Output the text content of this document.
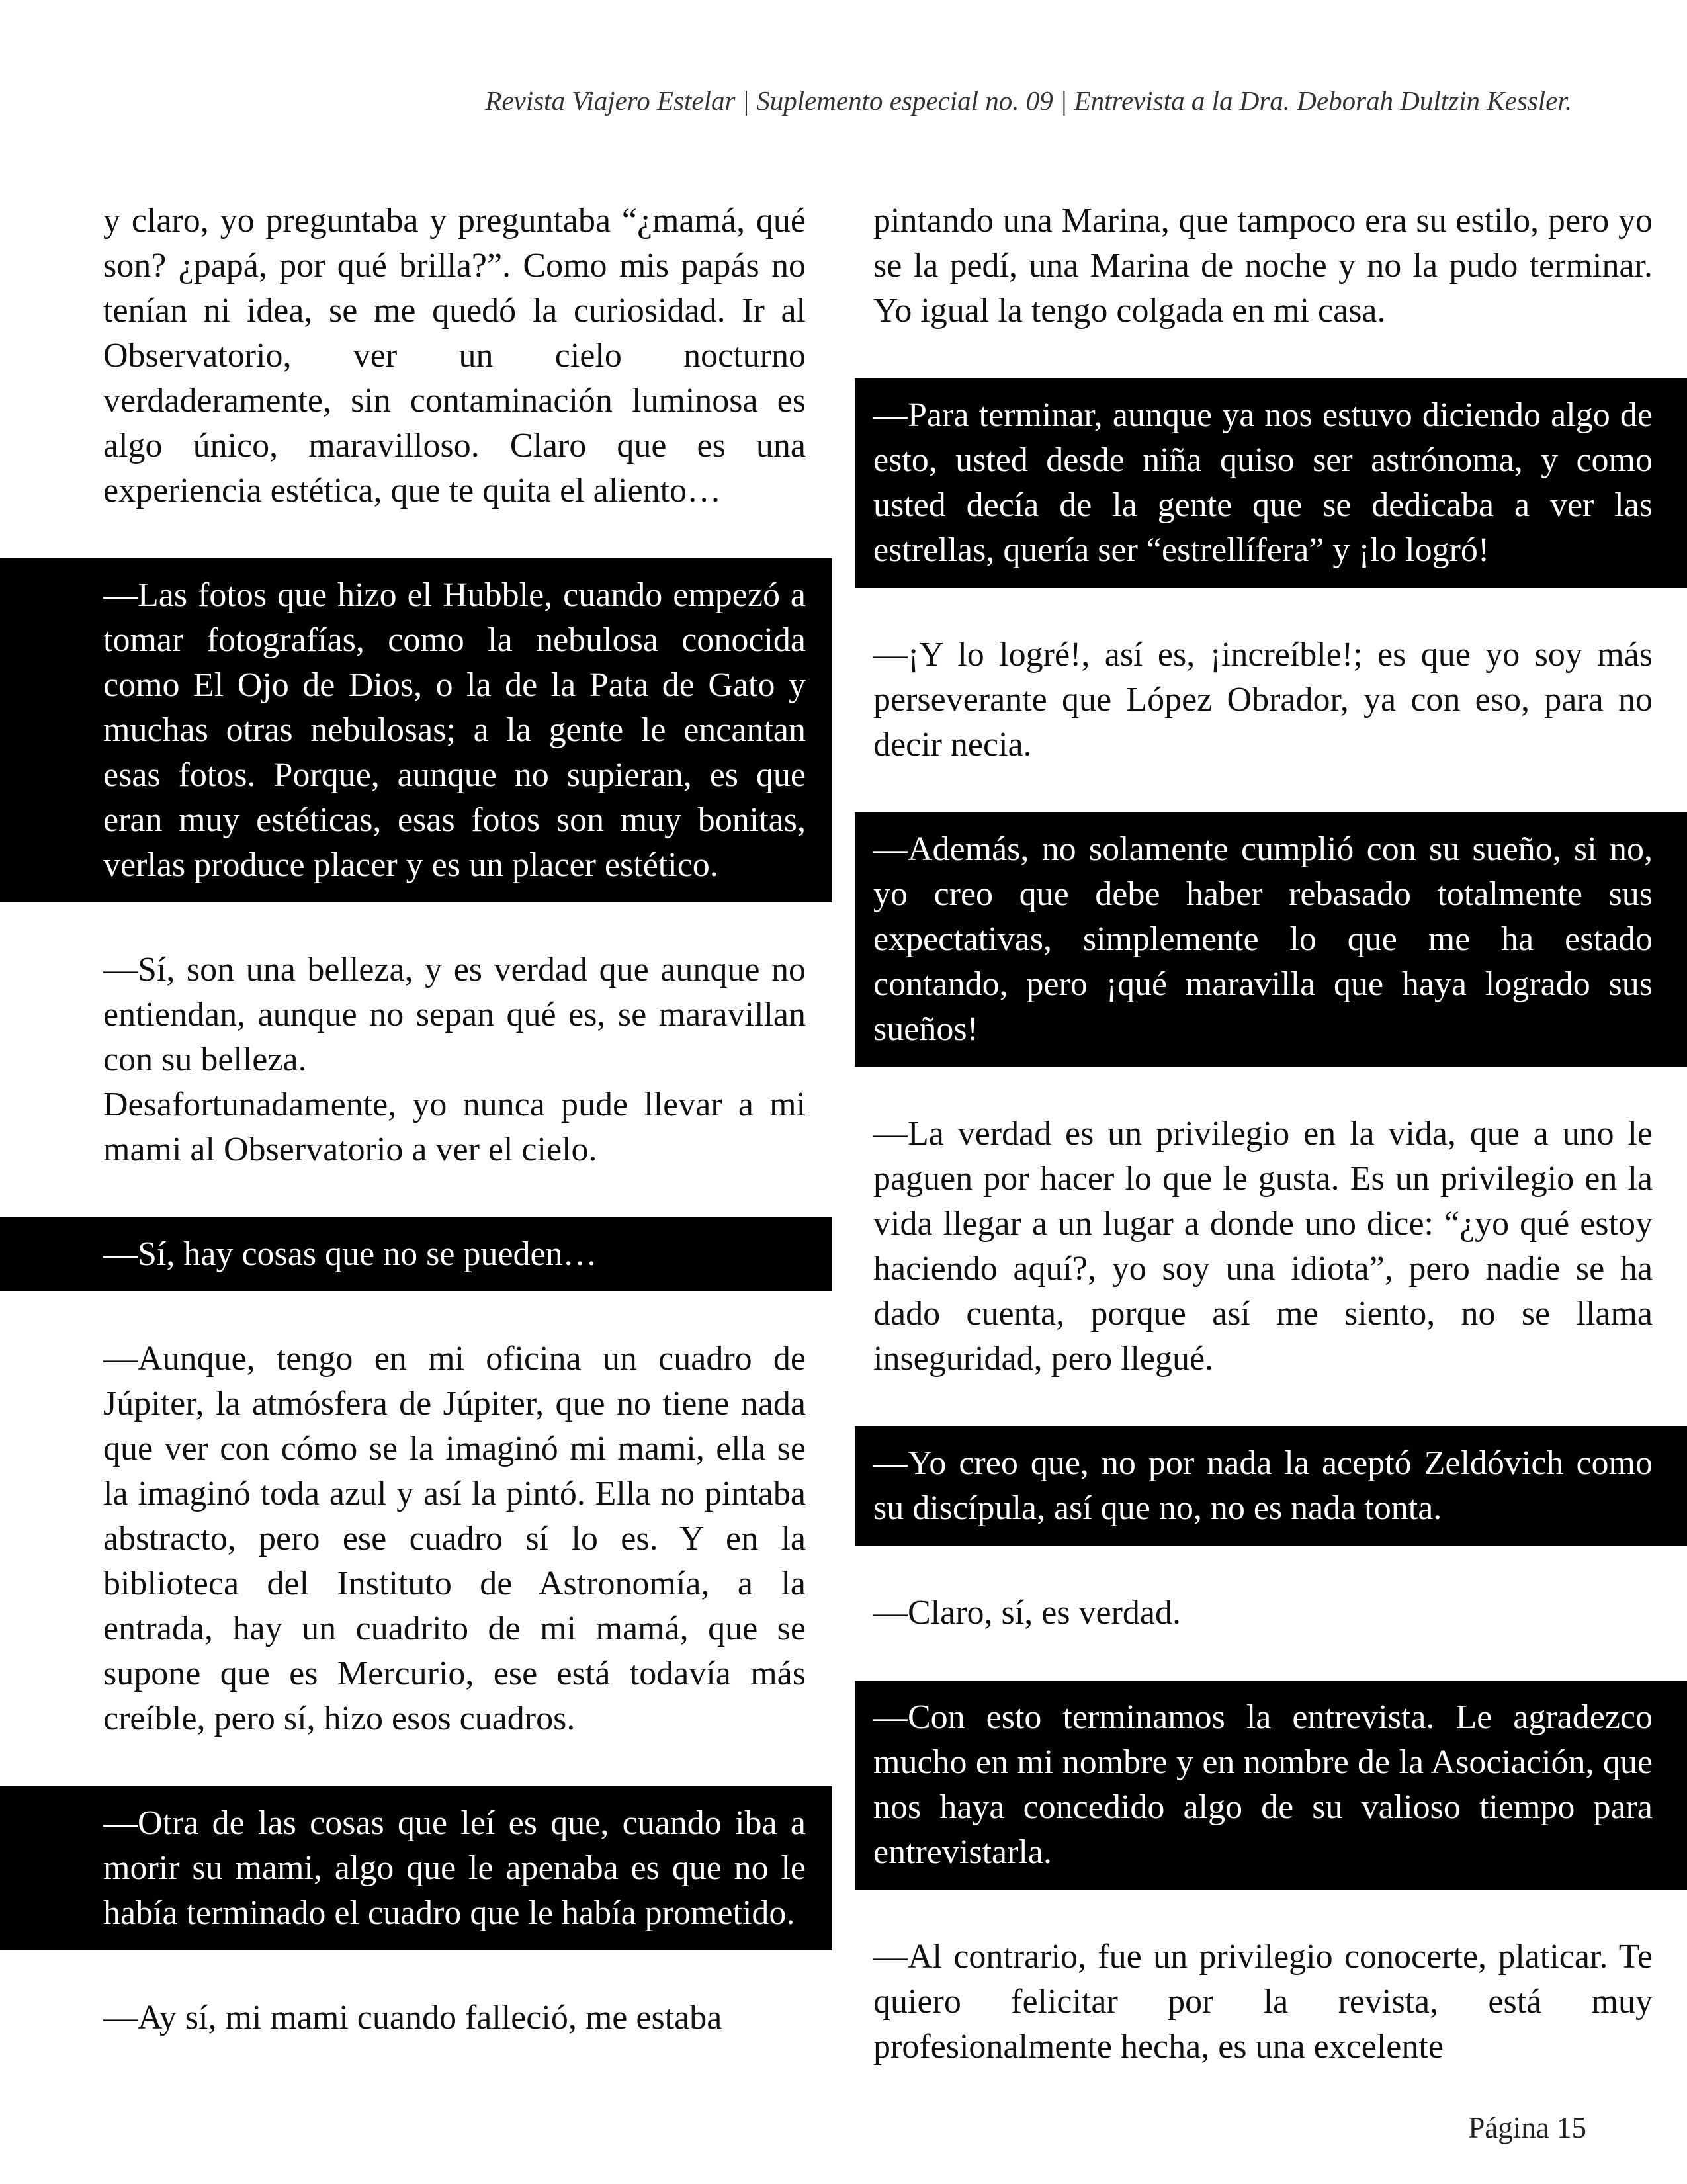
Revista Viajero Estelar | Suplemento especial no. 09 | Entrevista a la Dra. Deborah Dultzin Kessler.
y claro, yo preguntaba y preguntaba “¿mamá, qué son? ¿papá, por qué brilla?”. Como mis papás no tenían ni idea, se me quedó la curiosidad. Ir al Observatorio, ver un cielo nocturno verdaderamente, sin contaminación luminosa es algo único, maravilloso. Claro que es una experiencia estética, que te quita el aliento…
—Las fotos que hizo el Hubble, cuando empezó a tomar fotografías, como la nebulosa conocida como El Ojo de Dios, o la de la Pata de Gato y muchas otras nebulosas; a la gente le encantan esas fotos. Porque, aunque no supieran, es que eran muy estéticas, esas fotos son muy bonitas, verlas produce placer y es un placer estético.
—Sí, son una belleza, y es verdad que aunque no entiendan, aunque no sepan qué es, se maravillan con su belleza.
Desafortunadamente, yo nunca pude llevar a mi mami al Observatorio a ver el cielo.
—Sí, hay cosas que no se pueden…
—Aunque, tengo en mi oficina un cuadro de Júpiter, la atmósfera de Júpiter, que no tiene nada que ver con cómo se la imaginó mi mami, ella se la imaginó toda azul y así la pintó. Ella no pintaba abstracto, pero ese cuadro sí lo es. Y en la biblioteca del Instituto de Astronomía, a la entrada, hay un cuadrito de mi mamá, que se supone que es Mercurio, ese está todavía más creíble, pero sí, hizo esos cuadros.
—Otra de las cosas que leí es que, cuando iba a morir su mami, algo que le apenaba es que no le había terminado el cuadro que le había prometido.
—Ay sí, mi mami cuando falleció, me estaba
pintando una Marina, que tampoco era su estilo, pero yo se la pedí, una Marina de noche y no la pudo terminar. Yo igual la tengo colgada en mi casa.
—Para terminar, aunque ya nos estuvo diciendo algo de esto, usted desde niña quiso ser astrónoma, y como usted decía de la gente que se dedicaba a ver las estrellas, quería ser “estrellífera” y ¡lo logró!
—¡Y lo logré!, así es, ¡increíble!; es que yo soy más perseverante que López Obrador, ya con eso, para no decir necia.
—Además, no solamente cumplió con su sueño, si no, yo creo que debe haber rebasado totalmente sus expectativas, simplemente lo que me ha estado contando, pero ¡qué maravilla que haya logrado sus sueños!
—La verdad es un privilegio en la vida, que a uno le paguen por hacer lo que le gusta. Es un privilegio en la vida llegar a un lugar a donde uno dice: “¿yo qué estoy haciendo aquí?, yo soy una idiota”, pero nadie se ha dado cuenta, porque así me siento, no se llama inseguridad, pero llegué.
—Yo creo que, no por nada la aceptó Zeldóvich como su discípula, así que no, no es nada tonta.
—Claro, sí, es verdad.
—Con esto terminamos la entrevista. Le agradezco mucho en mi nombre y en nombre de la Asociación, que nos haya concedido algo de su valioso tiempo para entrevistarla.
—Al contrario, fue un privilegio conocerte, platicar. Te quiero felicitar por la revista, está muy profesionalmente hecha, es una excelente
Página 15
